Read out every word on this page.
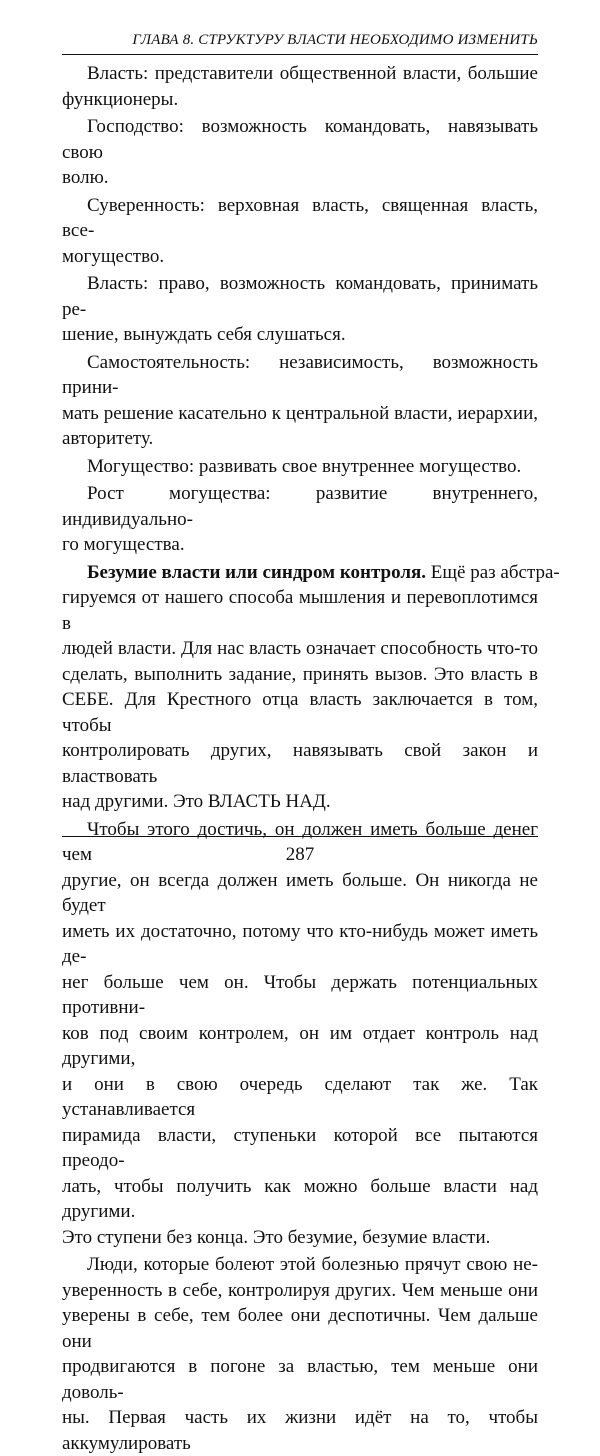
ГЛАВА 8. СТРУКТУРУ ВЛАСТИ НЕОБХОДИМО ИЗМЕНИТЬ

Власть: представители общественной власти, большие
функционеры.

Господство: возможность командовать, навязывать свою
волю.

Суверенность: верховная власть, священная власть, все-
могущество.

Власть: право, возможность командовать, принимать ре-
шение, вынуждать себя слушаться.

Самостоятельность: независимость, возможность прини-
мать решение касательно к центральной власти, иерархии,
авторитету.

Могущество: развивать свое внутреннее могущество.

Рост могущества: развитие внутреннего, индивидуально-
го могущества.

Безумие власти или синдром контроля. Ещё раз абстра-
гируемся от нашего способа мышления и перевоплотимся в
людей власти. Для нас власть означает способность что-то
сделать, выполнить задание, принять вызов. Это власть в
СЕБЕ. Для Крестного отца власть заключается в том, чтобы
контролировать других, навязывать свой закон и властвовать
над другими. Это ВЛАСТЬ НАД.

Чтобы этого достичь, он должен иметь больше денег чем
другие, он всегда должен иметь больше. Он никогда не будет
иметь их достаточно, потому что кто-нибудь может иметь де-
нег больше чем он. Чтобы держать потенциальных противни-
ков под своим контролем, он им отдает контроль над другими,
и они в свою очередь сделают так же. Так устанавливается
пирамида власти, ступеньки которой все пытаются преодо-
лать, чтобы получить как можно больше власти над другими.
Это ступени без конца. Это безумие, безумие власти.

Люди, которые болеют этой болезнью прячут свою не-
уверенность в себе, контролируя других. Чем меньше они
уверены в себе, тем более они деспотичны. Чем дальше они
продвигаются в погоне за властью, тем меньше они доволь-
ны. Первая часть их жизни идёт на то, чтобы аккумулировать

287
